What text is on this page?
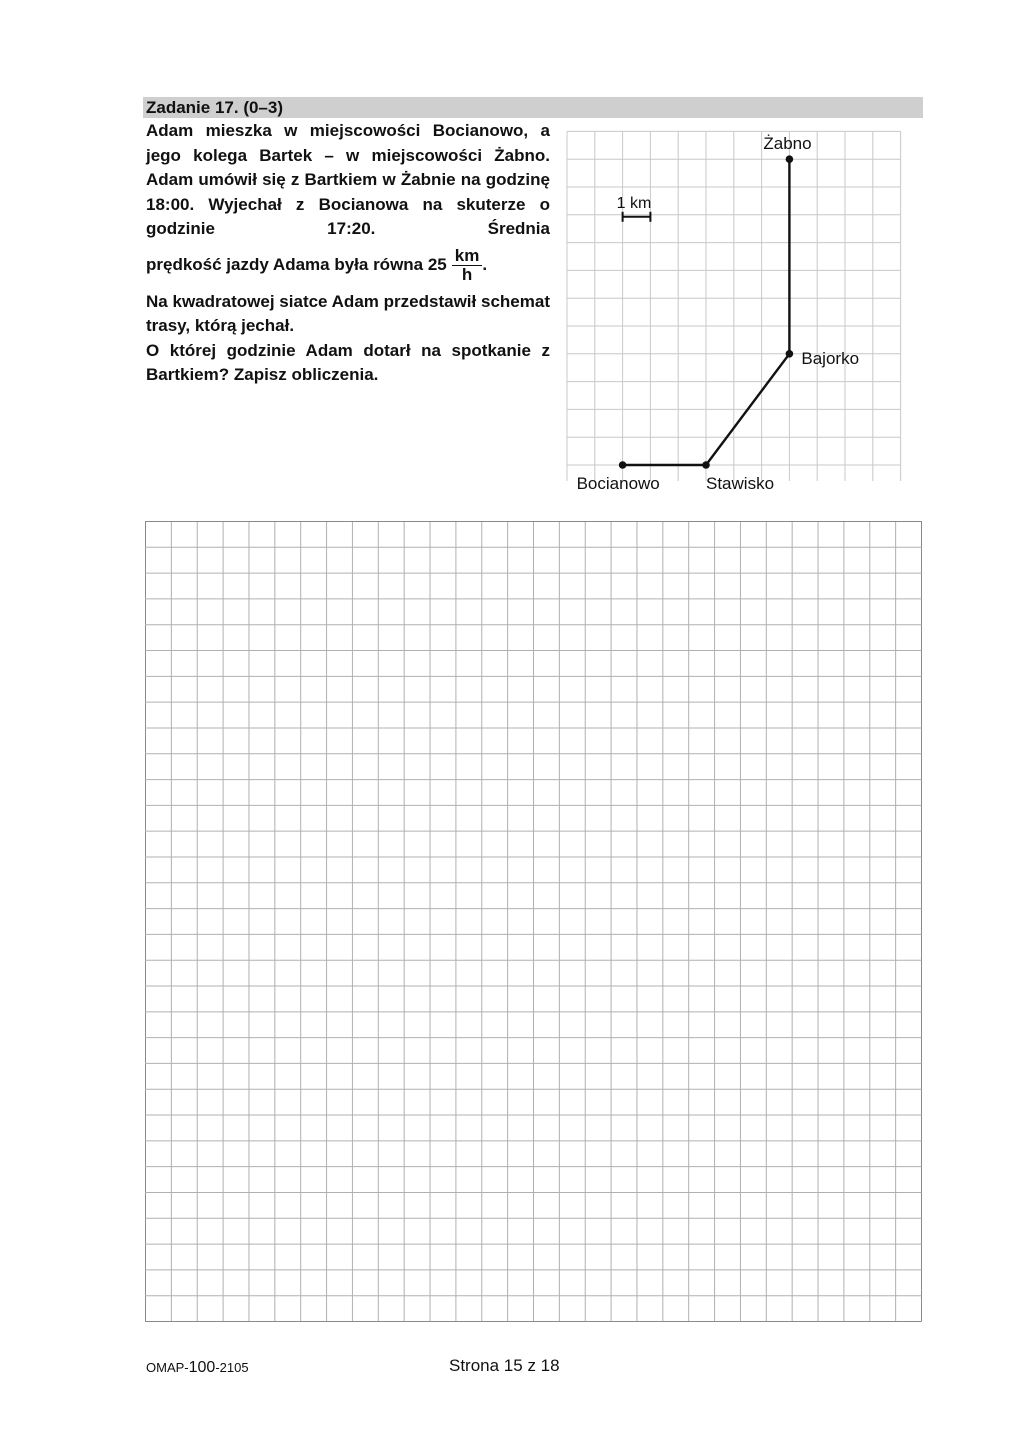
Zadanie 17. (0–3)

Adam mieszka w miejscowości Bocianowo, a jego kolega Bartek – w miejscowości Żabno. Adam umówił się z Bartkiem w Żabnie na godzinę 18:00. Wyjechał z Bocianowa na skuterze o godzinie 17:20. Średnia

prędkość jazdy Adama była równa $25 \frac{km}{h}$ .

Na kwadratowej siatce Adam przedstawił schemat trasy, którą jechał.

O której godzinie Adam dotarł na spotkanie z Bartkiem? Zapisz obliczenia.

1 km
Bocianowo	Stawisko
Bajorko
Żabno
OMAP-100-2105	Strona 15 z 18
